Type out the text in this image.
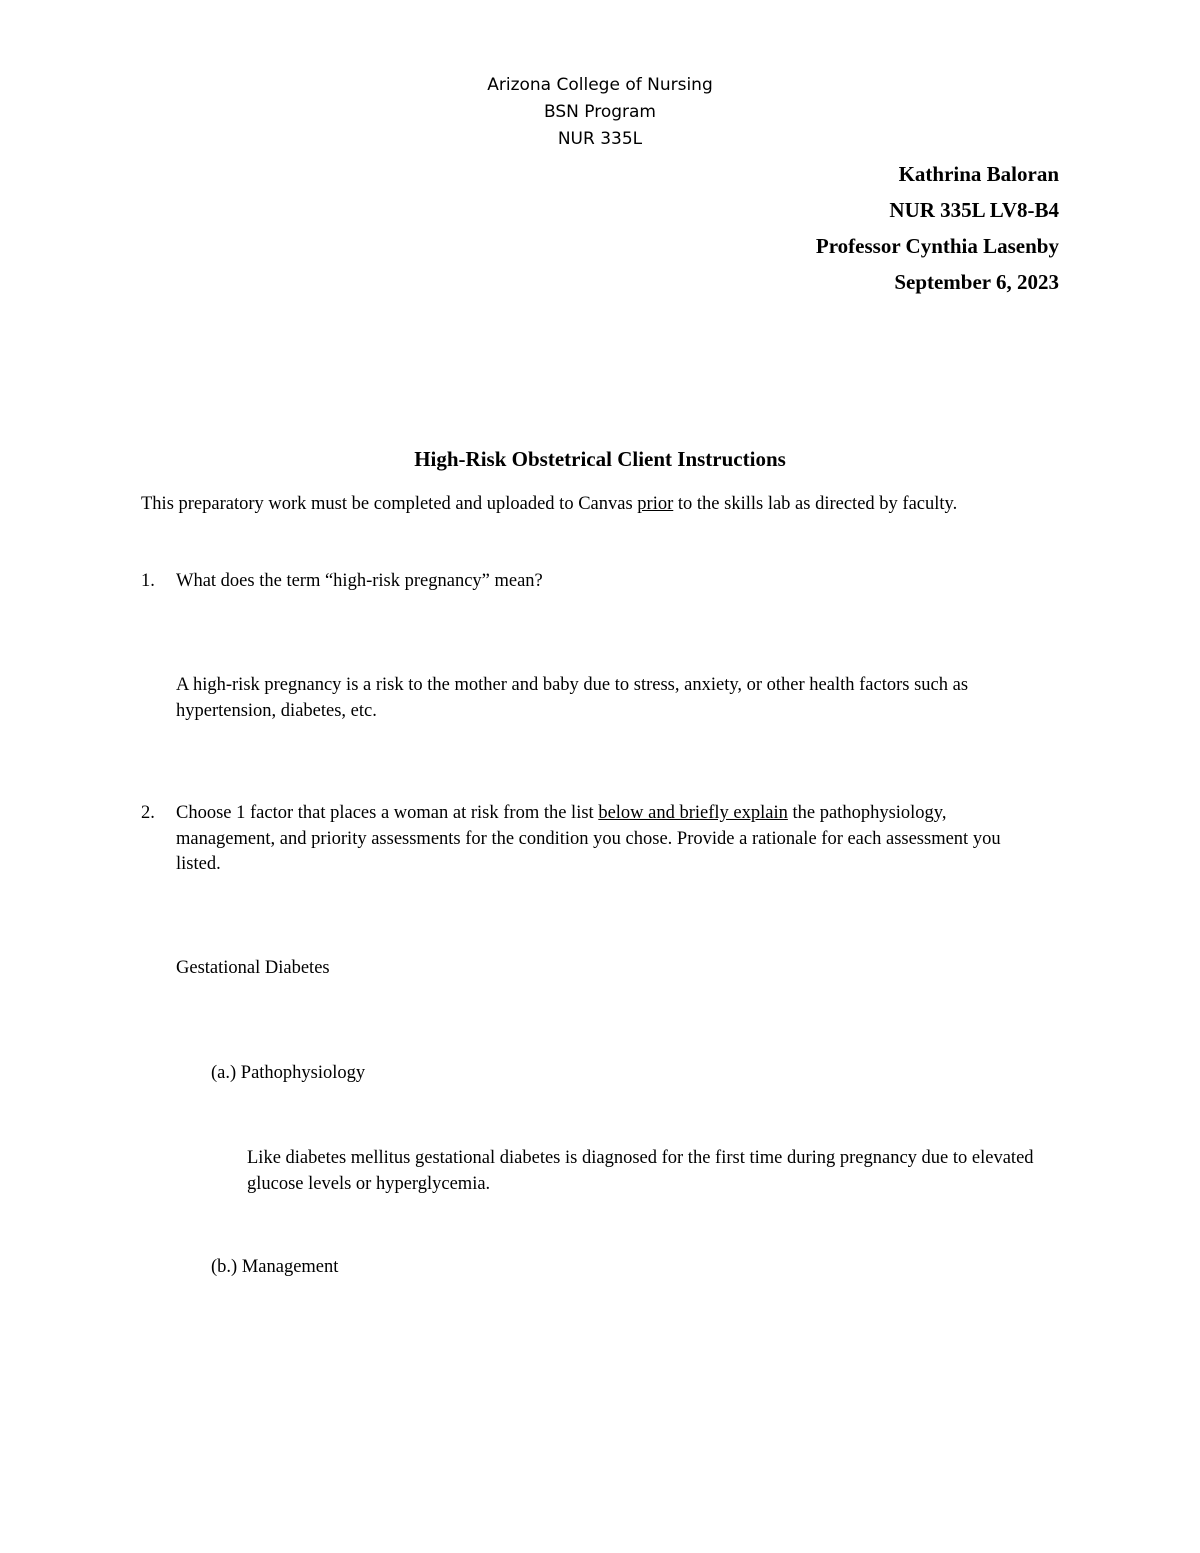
Arizona College of Nursing
BSN Program
NUR 335L
Kathrina Baloran
NUR 335L LV8-B4
Professor Cynthia Lasenby
September 6, 2023
High-Risk Obstetrical Client Instructions
This preparatory work must be completed and uploaded to Canvas prior to the skills lab as directed by faculty.
1. What does the term “high-risk pregnancy” mean?
A high-risk pregnancy is a risk to the mother and baby due to stress, anxiety, or other health factors such as hypertension, diabetes, etc.
2. Choose 1 factor that places a woman at risk from the list below and briefly explain the pathophysiology, management, and priority assessments for the condition you chose. Provide a rationale for each assessment you listed.
Gestational Diabetes
(a.) Pathophysiology
Like diabetes mellitus gestational diabetes is diagnosed for the first time during pregnancy due to elevated glucose levels or hyperglycemia.
(b.) Management
